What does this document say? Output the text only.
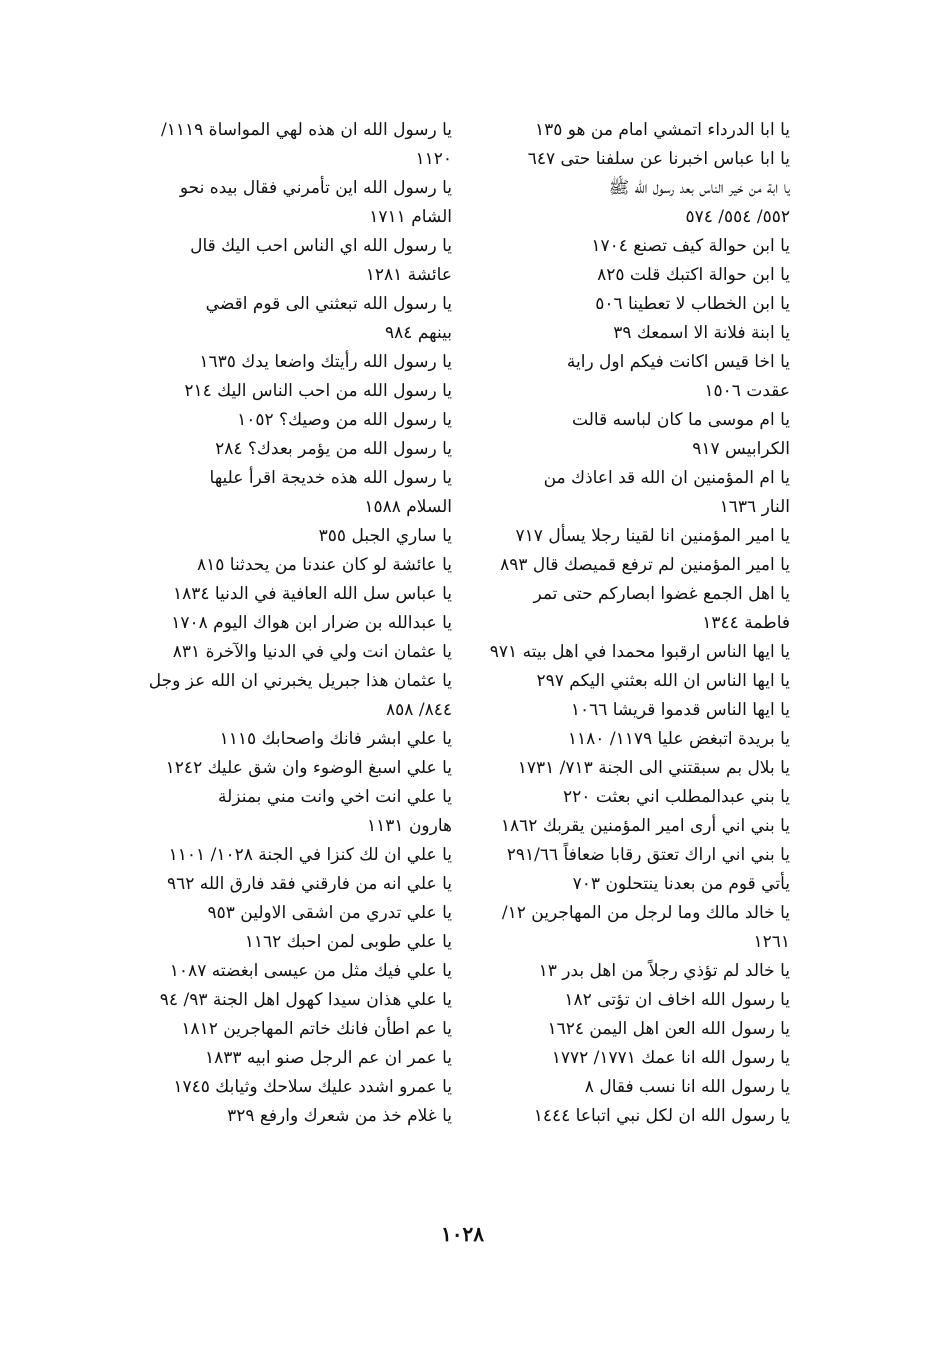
يا ابا الدرداء اتمشي امام من هو ١٣٥
يا ابا عباس اخبرنا عن سلفنا حتى ٦٤٧
يا ابة من خير الناس بعد رسول الله ﷺ
٥٥٢/ ٥٥٤/ ٥٧٤
يا ابن حوالة كيف تصنع ١٧٠٤
يا ابن حوالة اكتبك قلت ٨٢٥
يا ابن الخطاب لا تعطينا ٥٠٦
يا ابنة فلانة الا اسمعك ٣٩
يا اخا قيس اكانت فيكم اول راية
عقدت ١٥٠٦
يا ام موسى ما كان لباسه قالت
الكرابيس ٩١٧
يا ام المؤمنين ان الله قد اعاذك من
النار ١٦٣٦
يا امير المؤمنين انا لقينا رجلا يسأل ٧١٧
يا امير المؤمنين لم ترفع قميصك قال ٨٩٣
يا اهل الجمع غضوا ابصاركم حتى تمر
فاطمة ١٣٤٤
يا ايها الناس ارقبوا محمدا في اهل بيته ٩٧١
يا ايها الناس ان الله بعثني اليكم ٢٩٧
يا ايها الناس قدموا قريشا ١٠٦٦
يا بريدة اتبغض عليا ١١٧٩/ ١١٨٠
يا بلال بم سبقتني الى الجنة ٧١٣/ ١٧٣١
يا بني عبدالمطلب اني بعثت ٢٢٠
يا بني اني أرى امير المؤمنين يقربك ١٨٦٢
يا بني اني اراك تعتق رقابا ضعافاً ٢٩١/٦٦
يأتي قوم من بعدنا ينتحلون ٧٠٣
يا خالد مالك وما لرجل من المهاجرين ١٢/
١٢٦١
يا خالد لم تؤذي رجلاً من اهل بدر ١٣
يا رسول الله اخاف ان تؤتى ١٨٢
يا رسول الله العن اهل اليمن ١٦٢٤
يا رسول الله انا عمك ١٧٧١/ ١٧٧٢
يا رسول الله انا نسب فقال ٨
يا رسول الله ان لكل نبي اتباعا ١٤٤٤
يا رسول الله ان هذه لهي المواساة ١١١٩/
١١٢٠
يا رسول الله اين تأمرني فقال بيده نحو
الشام ١٧١١
يا رسول الله اي الناس احب اليك قال
عائشة ١٢٨١
يا رسول الله تبعثني الى قوم اقضي
بينهم ٩٨٤
يا رسول الله رأيتك واضعا يدك ١٦٣٥
يا رسول الله من احب الناس اليك ٢١٤
يا رسول الله من وصيك؟ ١٠٥٢
يا رسول الله من يؤمر بعدك؟ ٢٨٤
يا رسول الله هذه خديجة اقرأ عليها
السلام ١٥٨٨
يا ساري الجبل ٣٥٥
يا عائشة لو كان عندنا من يحدثنا ٨١٥
يا عباس سل الله العافية في الدنيا ١٨٣٤
يا عبدالله بن ضرار ابن هواك اليوم ١٧٠٨
يا عثمان انت ولي في الدنيا والآخرة ٨٣١
يا عثمان هذا جبريل يخبرني ان الله عز وجل
٨٤٤/ ٨٥٨
يا علي ابشر فانك واصحابك ١١١٥
يا علي اسبغ الوضوء وان شق عليك ١٢٤٢
يا علي انت اخي وانت مني بمنزلة
هارون ١١٣١
يا علي ان لك كنزا في الجنة ١٠٢٨/ ١١٠١
يا علي انه من فارقني فقد فارق الله ٩٦٢
يا علي تدري من اشقى الاولين ٩٥٣
يا علي طوبى لمن احبك ١١٦٢
يا علي فيك مثل من عيسى ابغضته ١٠٨٧
يا علي هذان سيدا كهول اهل الجنة ٩٣/ ٩٤
يا عم اطأن فانك خاتم المهاجرين ١٨١٢
يا عمر ان عم الرجل صنو ابيه ١٨٣٣
يا عمرو اشدد عليك سلاحك وثيابك ١٧٤٥
يا غلام خذ من شعرك وارفع ٣٢٩
١٠٢٨
